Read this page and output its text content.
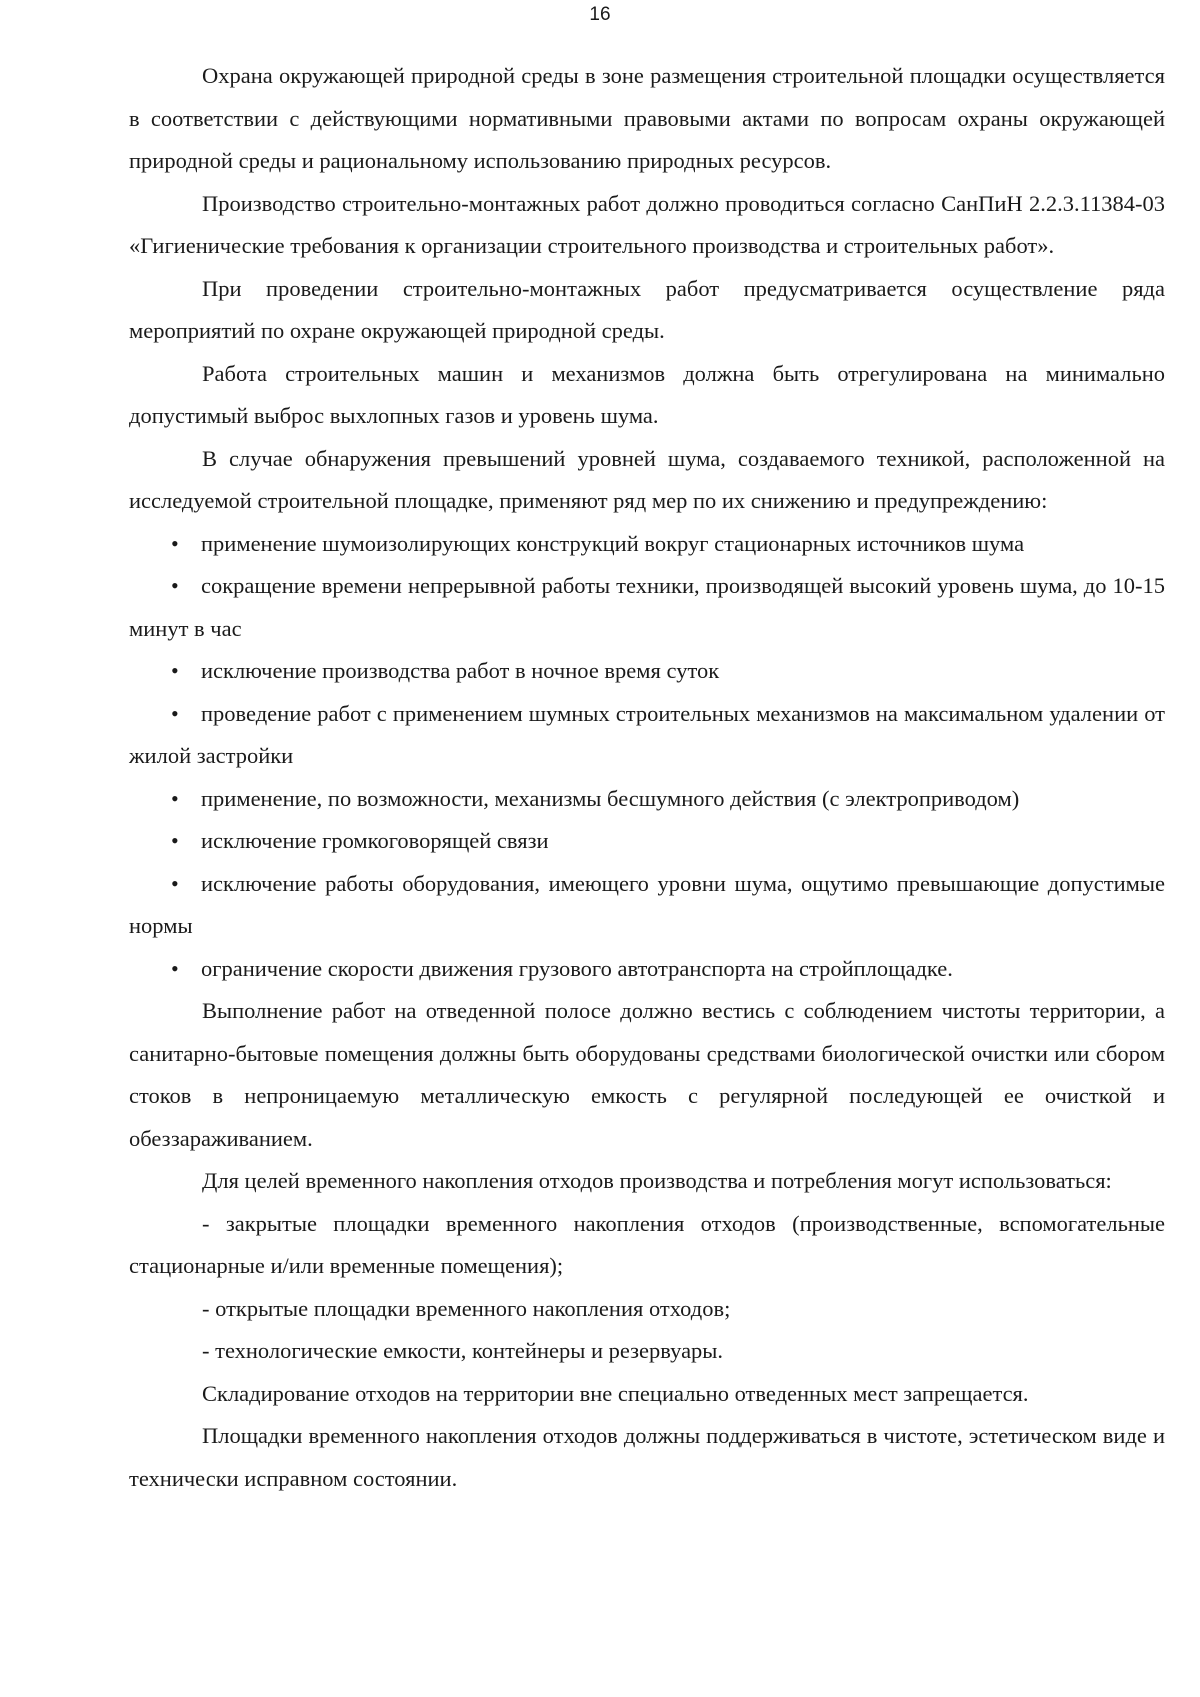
16

Охрана окружающей природной среды в зоне размещения строительной площадки осуществляется в соответствии с действующими нормативными правовыми актами по вопросам охраны окружающей природной среды и рациональному использованию природных ресурсов.

Производство строительно-монтажных работ должно проводиться согласно СанПиН 2.2.3.11384-03 «Гигиенические требования к организации строительного производства и строительных работ».

При проведении строительно-монтажных работ предусматривается осуществление ряда мероприятий по охране окружающей природной среды.

Работа строительных машин и механизмов должна быть отрегулирована на минимально допустимый выброс выхлопных газов и уровень шума.

В случае обнаружения превышений уровней шума, создаваемого техникой, расположенной на исследуемой строительной площадке, применяют ряд мер по их снижению и предупреждению:

•применение шумоизолирующих конструкций вокруг стационарных источников шума
•сокращение времени непрерывной работы техники, производящей высокий уровень шума, до 10-15 минут в час
•исключение производства работ в ночное время суток
•проведение работ с применением шумных строительных механизмов на максимальном удалении от жилой застройки
•применение, по возможности, механизмы бесшумного действия (с электроприводом)
•исключение громкоговорящей связи
•исключение работы оборудования, имеющего уровни шума, ощутимо превышающие допустимые нормы
•ограничение скорости движения грузового автотранспорта на стройплощадке.

Выполнение работ на отведенной полосе должно вестись с соблюдением чистоты территории, а санитарно-бытовые помещения должны быть оборудованы средствами биологической очистки или сбором стоков в непроницаемую металлическую емкость с регулярной последующей ее очисткой и обеззараживанием.

Для целей временного накопления отходов производства и потребления могут использоваться:

- закрытые площадки временного накопления отходов (производственные, вспомогательные стационарные и/или временные помещения);

- открытые площадки временного накопления отходов;

- технологические емкости, контейнеры и резервуары.

Складирование отходов на территории вне специально отведенных мест запрещается.

Площадки временного накопления отходов должны поддерживаться в чистоте, эстетическом виде и технически исправном состоянии.
